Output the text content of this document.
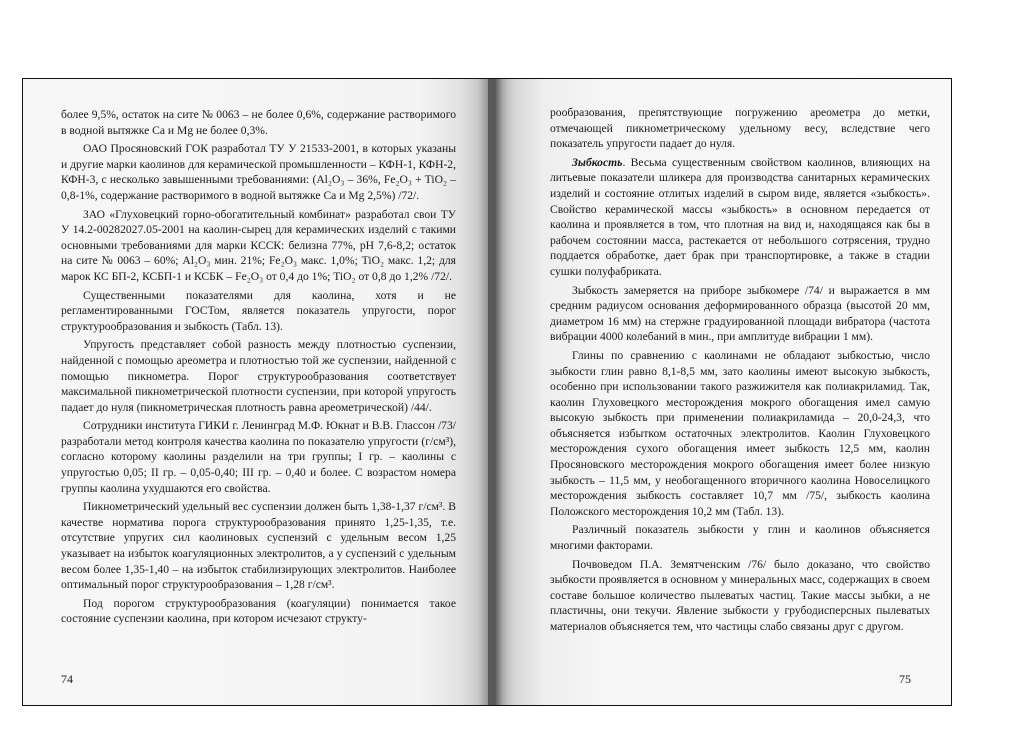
более 9,5%, остаток на сите № 0063 – не более 0,6%, содержание растворимого в водной вытяжке Са и Mg не более 0,3%.

ОАО Просяновский ГОК разработал ТУ У 21533-2001, в которых указаны и другие марки каолинов для керамической промышленности – КФН-1, КФН-2, КФН-3, с несколько завышенными требованиями: (Al₂O₃ – 36%, Fe₂O₃ + TiO₂ – 0,8-1%, содержание растворимого в водной вытяжке Са и Mg 2,5%) /72/.

ЗАО «Глуховецкий горно-обогатительный комбинат» разработал свои ТУ У 14.2-00282027.05-2001 на каолин-сырец для керамических изделий с такими основными требованиями для марки КССК: белизна 77%, pH 7,6-8,2; остаток на сите № 0063 – 60%; Al₂O₃ мин. 21%; Fe₂O₃ макс. 1,0%; TiO₂ макс. 1,2; для марок КС БП-2, КСБП-1 и КСБК – Fe₂O₃ от 0,4 до 1%; TiO₂ от 0,8 до 1,2% /72/.

Существенными показателями для каолина, хотя и не регламентированными ГОСТом, является показатель упругости, порог структурообразования и зыбкость (Табл. 13).

Упругость представляет собой разность между плотностью суспензии, найденной с помощью ареометра и плотностью той же суспензии, найденной с помощью пикнометра. Порог структурообразования соответствует максимальной пикнометрической плотности суспензии, при которой упругость падает до нуля (пикнометрическая плотность равна ареометрической) /44/.

Сотрудники института ГИКИ г. Ленинград М.Ф. Юкнат и В.В. Глассон /73/ разработали метод контроля качества каолина по показателю упругости (г/см³), согласно которому каолины разделили на три группы; I гр. – каолины с упругостью 0,05; II гр. – 0,05-0,40; III гр. – 0,40 и более. С возрастом номера группы каолина ухудшаются его свойства.

Пикнометрический удельный вес суспензии должен быть 1,38-1,37 г/см³. В качестве норматива порога структурообразования принято 1,25-1,35, т.е. отсутствие упругих сил каолиновых суспензий с удельным весом 1,25 указывает на избыток коагуляционных электролитов, а у суспензий с удельным весом более 1,35-1,40 – на избыток стабилизирующих электролитов. Наиболее оптимальный порог структурообразования – 1,28 г/см³.

Под порогом структурообразования (коагуляции) понимается такое состояние суспензии каолина, при котором исчезают структу-

74

рообразования, препятствующие погружению ареометра до метки, отмечающей пикнометрическому удельному весу, вследствие чего показатель упругости падает до нуля.

Зыбкость. Весьма существенным свойством каолинов, влияющих на литьевые показатели шликера для производства санитарных керамических изделий и состояние отлитых изделий в сыром виде, является «зыбкость». Свойство керамической массы «зыбкость» в основном передается от каолина и проявляется в том, что плотная на вид и, находящаяся как бы в рабочем состоянии масса, растекается от небольшого сотрясения, трудно поддается обработке, дает брак при транспортировке, а также в стадии сушки полуфабриката.

Зыбкость замеряется на приборе зыбкомере /74/ и выражается в мм средним радиусом основания деформированного образца (высотой 20 мм, диаметром 16 мм) на стержне градуированной площади вибратора (частота вибрации 4000 колебаний в мин., при амплитуде вибрации 1 мм).

Глины по сравнению с каолинами не обладают зыбкостью, число зыбкости глин равно 8,1-8,5 мм, зато каолины имеют высокую зыбкость, особенно при использовании такого разжижителя как полиакриламид. Так, каолин Глуховецкого месторождения мокрого обогащения имел самую высокую зыбкость при применении полиакриламида – 20,0-24,3, что объясняется избытком остаточных электролитов. Каолин Глуховецкого месторождения сухого обогащения имеет зыбкость 12,5 мм, каолин Просяновского месторождения мокрого обогащения имеет более низкую зыбкость – 11,5 мм, у необогащенного вторичного каолина Новоселицкого месторождения зыбкость составляет 10,7 мм /75/, зыбкость каолина Положского месторождения 10,2 мм (Табл. 13).

Различный показатель зыбкости у глин и каолинов объясняется многими факторами.

Почвоведом П.А. Земятченским /76/ было доказано, что свойство зыбкости проявляется в основном у минеральных масс, содержащих в своем составе большое количество пылеватых частиц. Такие массы зыбки, а не пластичны, они текучи. Явление зыбкости у грубодисперсных пылеватых материалов объясняется тем, что частицы слабо связаны друг с другом.

75
